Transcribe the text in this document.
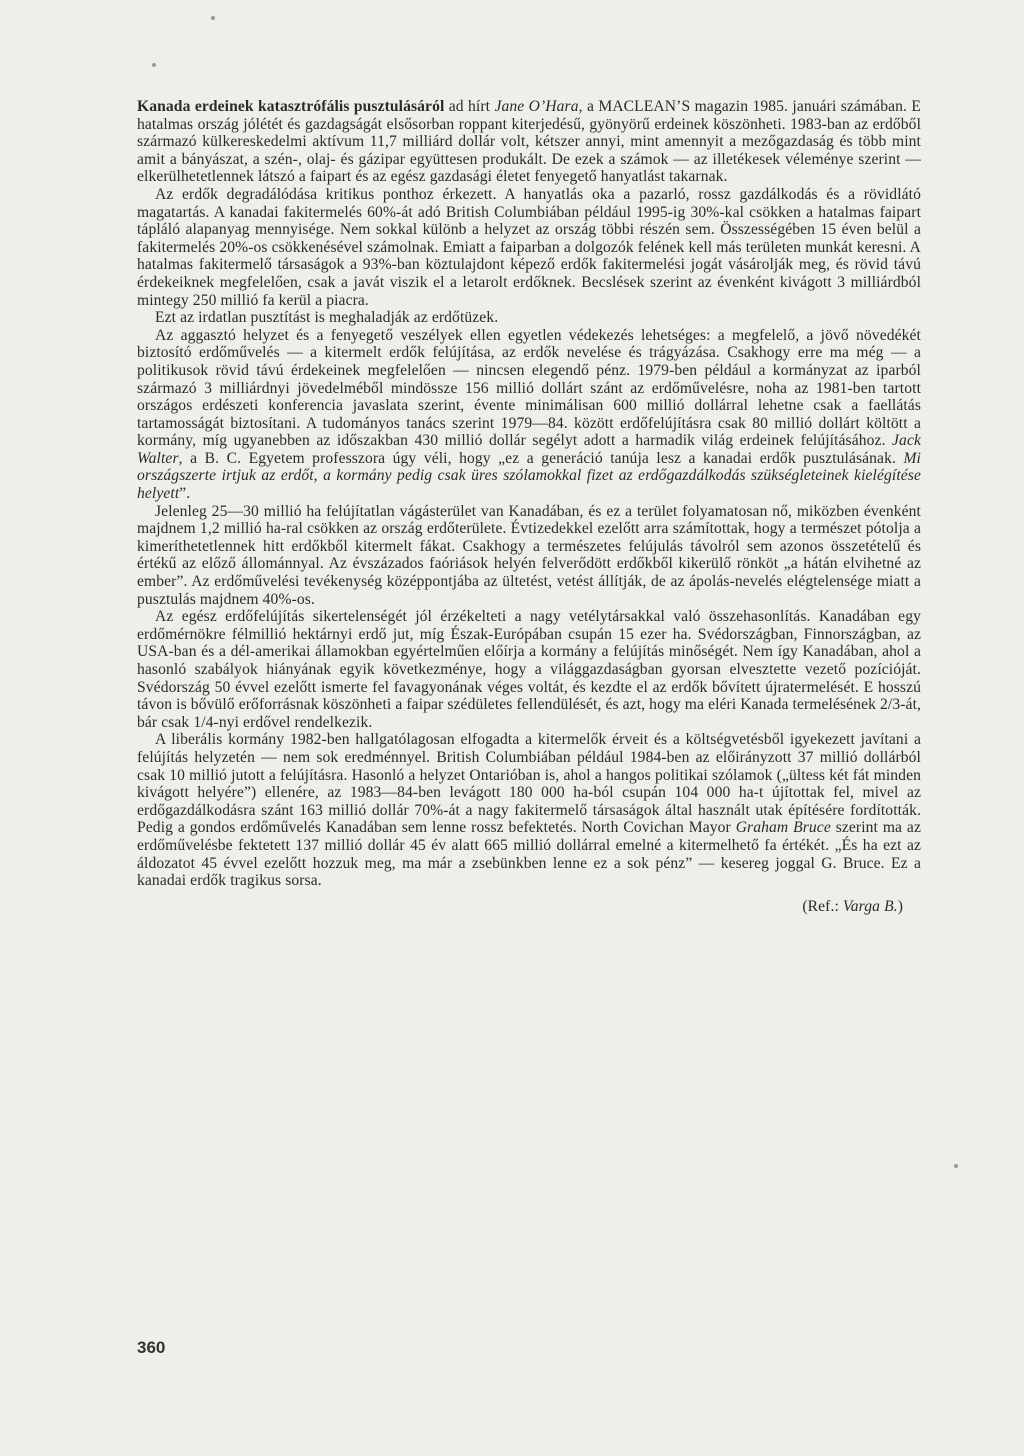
Kanada erdeinek katasztrófális pusztulásáról ad hírt Jane O’Hara, a MACLEAN’S magazin 1985. januári számában. E hatalmas ország jólétét és gazdagságát elsősorban roppant kiterjedésű, gyönyörű erdeinek köszönheti. 1983-ban az erdőből származó külkereskedelmi aktívum 11,7 milliárd dollár volt, kétszer annyi, mint amennyit a mezőgazdaság és több mint amit a bányászat, a szén-, olaj- és gázipar együttesen produkált. De ezek a számok — az illetékesek véleménye szerint — elkerülhetetlennek látszó a faipart és az egész gazdasági életet fenyegető hanyatlást takarnak.

Az erdők degradálódása kritikus ponthoz érkezett. A hanyatlás oka a pazarló, rossz gazdálkodás és a rövidlátó magatartás. A kanadai fakitermelés 60%-át adó British Columbiában például 1995-ig 30%-kal csökken a hatalmas faipart tápláló alapanyag mennyisége. Nem sokkal különb a helyzet az ország többi részén sem. Összességében 15 éven belül a fakitermelés 20%-os csökkenésével számolnak. Emiatt a faiparban a dolgozók felének kell más területen munkát keresni. A hatalmas fakitermelő társaságok a 93%-ban köztulajdont képező erdők fakitermelési jogát vásárolják meg, és rövid távú érdekeiknek megfelelően, csak a javát viszik el a letarolt erdőknek. Becslések szerint az évenként kivágott 3 milliárdból mintegy 250 millió fa kerül a piacra.

Ezt az irdatlan pusztítást is meghaladják az erdőtüzek.

Az aggasztó helyzet és a fenyegető veszélyek ellen egyetlen védekezés lehetséges: a megfelelő, a jövő növedékét biztosító erdőművelés — a kitermelt erdők felújítása, az erdők nevelése és trágyázása. Csakhogy erre ma még — a politikusok rövid távú érdekeinek megfelelően — nincsen elegendő pénz. 1979-ben például a kormányzat az iparból származó 3 milliárdnyi jövedelméből mindössze 156 millió dollárt szánt az erdőművelésre, noha az 1981-ben tartott országos erdészeti konferencia javaslata szerint, évente minimálisan 600 millió dollárral lehetne csak a faellátás tartamosságát biztosítani. A tudományos tanács szerint 1979—84. között erdőfelújításra csak 80 millió dollárt költött a kormány, míg ugyanebben az időszakban 430 millió dollár segélyt adott a harmadik világ erdeinek felújításához. Jack Walter, a B. C. Egyetem professzora úgy véli, hogy „ez a generáció tanúja lesz a kanadai erdők pusztulásának. Mi országszerte irtjuk az erdőt, a kormány pedig csak üres szólamokkal fizet az erdőgazdálkodás szükségleteinek kielégítése helyett”.

Jelenleg 25—30 millió ha felújítatlan vágásterület van Kanadában, és ez a terület folyamatosan nő, miközben évenként majdnem 1,2 millió ha-ral csökken az ország erdőterülete. Évtizedekkel ezelőtt arra számítottak, hogy a természet pótolja a kimeríthetetlennek hitt erdőkből kitermelt fákat. Csakhogy a természetes felújulás távolról sem azonos összetételű és értékű az előző állománnyal. Az évszázados faóriások helyén felverődött erdőkből kikerülő rönköt „a hátán elvihetné az ember”. Az erdőművelési tevékenység középpontjába az ültetést, vetést állítják, de az ápolás-nevelés elégtelensége miatt a pusztulás majdnem 40%-os.

Az egész erdőfelújítás sikertelenségét jól érzékelteti a nagy vetélytársakkal való összehasonlítás. Kanadában egy erdőmérnökre félmillió hektárnyi erdő jut, míg Észak-Európában csupán 15 ezer ha. Svédországban, Finnországban, az USA-ban és a dél-amerikai államokban egyértelműen előírja a kormány a felújítás minőségét. Nem így Kanadában, ahol a hasonló szabályok hiányának egyik következménye, hogy a világgazdaságban gyorsan elvesztette vezető pozícióját. Svédország 50 évvel ezelőtt ismerte fel favagyonának véges voltát, és kezdte el az erdők bővített újratermelését. E hosszú távon is bővülő erőforrásnak köszönheti a faipar szédületes fellendülését, és azt, hogy ma eléri Kanada termelésének 2/3-át, bár csak 1/4-nyi erdővel rendelkezik.

A liberális kormány 1982-ben hallgatólagosan elfogadta a kitermelők érveit és a költségvetésből igyekezett javítani a felújítás helyzetén — nem sok eredménnyel. British Columbiában például 1984-ben az előirányzott 37 millió dollárból csak 10 millió jutott a felújításra. Hasonló a helyzet Ontarióban is, ahol a hangos politikai szólamok („ültess két fát minden kivágott helyére”) ellenére, az 1983—84-ben levágott 180 000 ha-ból csupán 104 000 ha-t újítottak fel, mivel az erdőgazdálkodásra szánt 163 millió dollár 70%-át a nagy fakitermelő társaságok által használt utak építésére fordították. Pedig a gondos erdőművelés Kanadában sem lenne rossz befektetés. North Covichan Mayor Graham Bruce szerint ma az erdőművelésbe fektetett 137 millió dollár 45 év alatt 665 millió dollárral emelné a kitermelhető fa értékét. „És ha ezt az áldozatot 45 évvel ezelőtt hozzuk meg, ma már a zsebünkben lenne ez a sok pénz” — kesereg joggal G. Bruce. Ez a kanadai erdők tragikus sorsa.

(Ref.: Varga B.)
360
